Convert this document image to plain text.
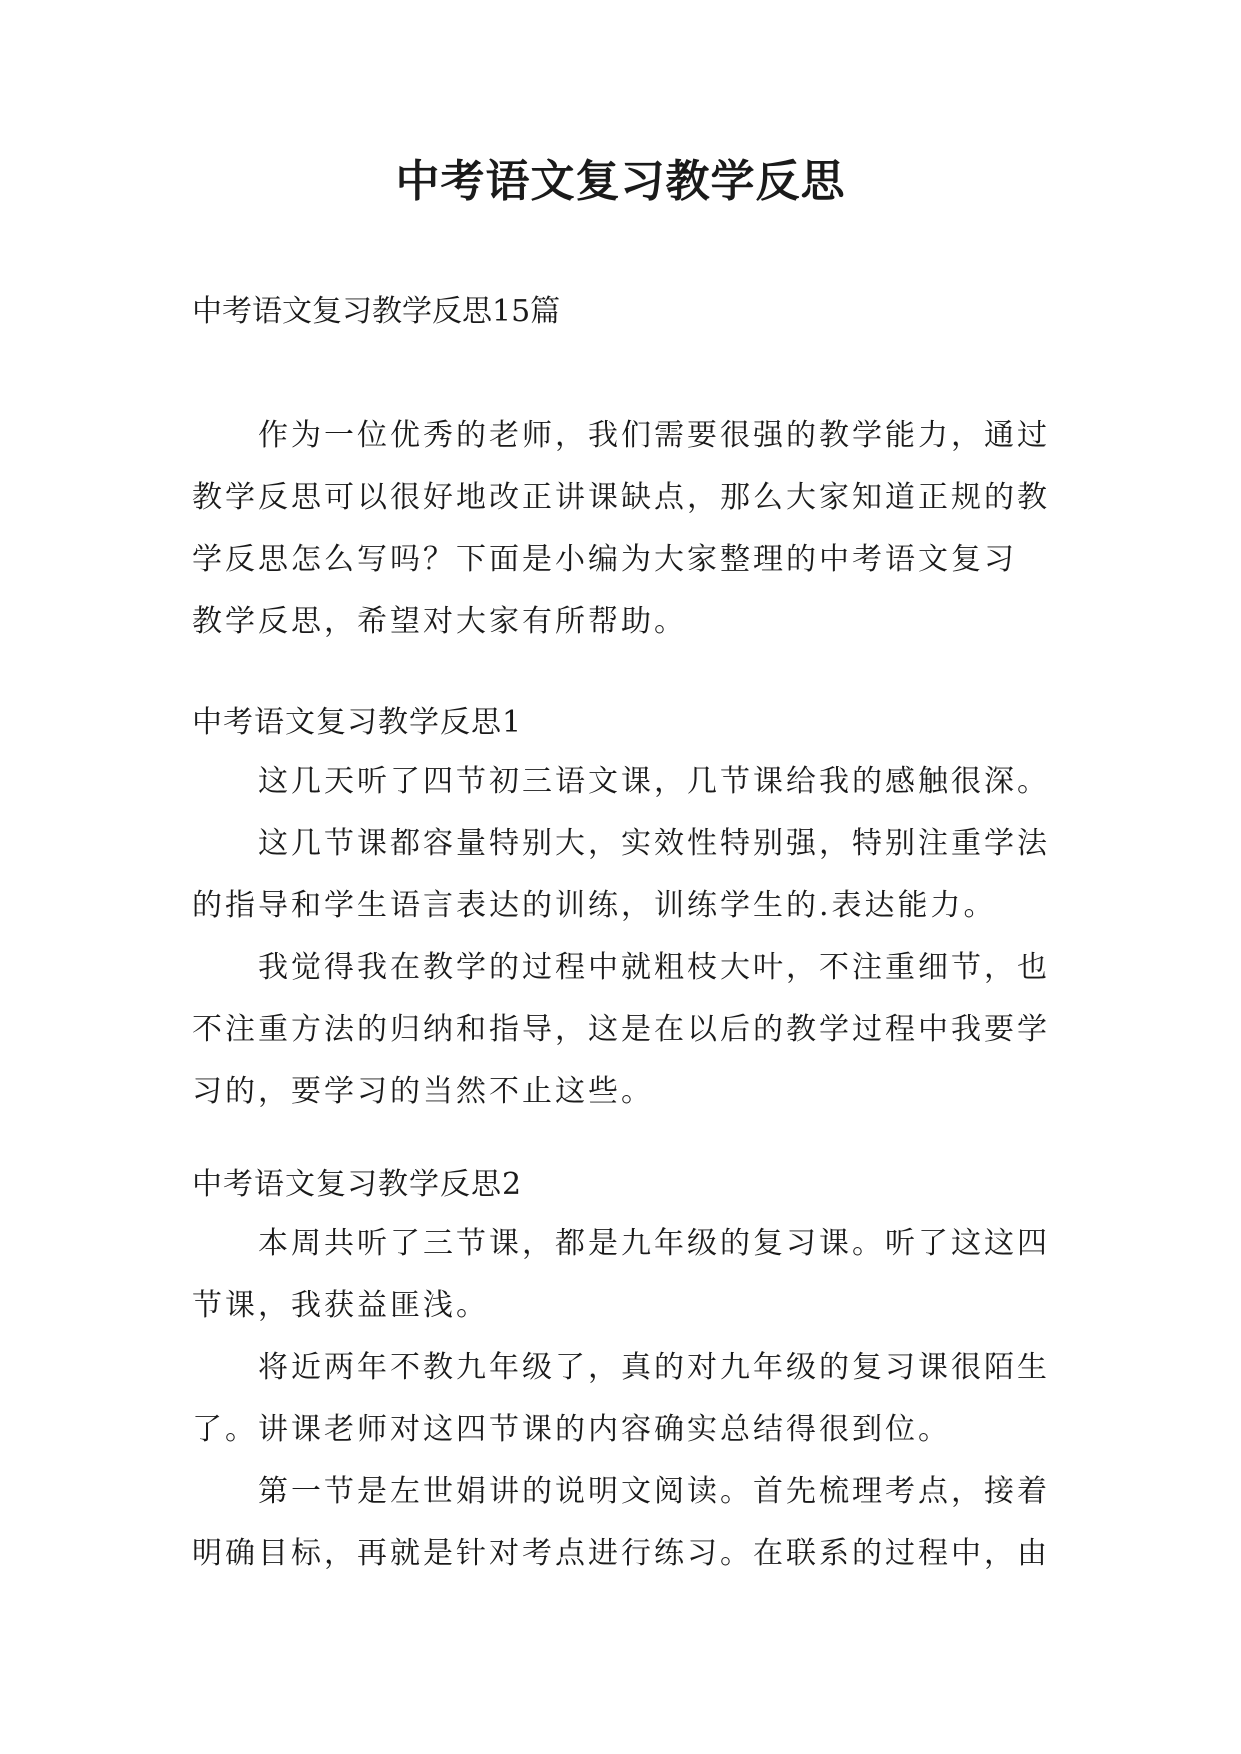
中考语文复习教学反思
中考语文复习教学反思15篇
作为一位优秀的老师，我们需要很强的教学能力，通过
教学反思可以很好地改正讲课缺点，那么大家知道正规的教
学反思怎么写吗？下面是小编为大家整理的中考语文复习
教学反思，希望对大家有所帮助。
中考语文复习教学反思1
这几天听了四节初三语文课，几节课给我的感触很深。
这几节课都容量特别大，实效性特别强，特别注重学法
的指导和学生语言表达的训练，训练学生的.表达能力。
我觉得我在教学的过程中就粗枝大叶，不注重细节，也
不注重方法的归纳和指导，这是在以后的教学过程中我要学
习的，要学习的当然不止这些。
中考语文复习教学反思2
本周共听了三节课，都是九年级的复习课。听了这这四
节课，我获益匪浅。
将近两年不教九年级了，真的对九年级的复习课很陌生
了。讲课老师对这四节课的内容确实总结得很到位。
第一节是左世娟讲的说明文阅读。首先梳理考点，接着
明确目标，再就是针对考点进行练习。在联系的过程中，由
